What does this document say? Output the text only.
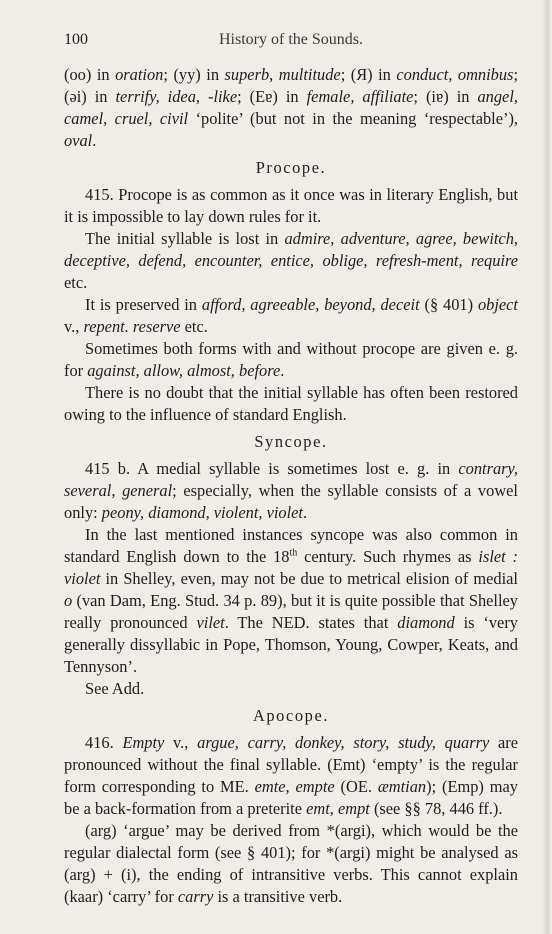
100	History of the Sounds.

(oo) in oration; (yy) in superb, multitude; (Я) in conduct, omnibus; (əi) in terrify, idea, -like; (Eɐ) in female, affiliate; (iɐ) in angel, camel, cruel, civil ‘polite’ (but not in the meaning ‘respectable’), oval.

Procope.

415. Procope is as common as it once was in literary English, but it is impossible to lay down rules for it.

The initial syllable is lost in admire, adventure, agree, bewitch, deceptive, defend, encounter, entice, oblige, refresh-ment, require etc.

It is preserved in afford, agreeable, beyond, deceit (§ 401) object v., repent. reserve etc.

Sometimes both forms with and without procope are given e. g. for against, allow, almost, before.

There is no doubt that the initial syllable has often been restored owing to the influence of standard English.

Syncope.

415 b. A medial syllable is sometimes lost e. g. in contrary, several, general; especially, when the syllable consists of a vowel only: peony, diamond, violent, violet.

In the last mentioned instances syncope was also common in standard English down to the 18th century. Such rhymes as islet : violet in Shelley, even, may not be due to metrical elision of medial o (van Dam, Eng. Stud. 34 p. 89), but it is quite possible that Shelley really pronounced vilet. The NED. states that diamond is ‘very generally dissyllabic in Pope, Thomson, Young, Cowper, Keats, and Tennyson’.

See Add.

Apocope.

416. Empty v., argue, carry, donkey, story, study, quarry are pronounced without the final syllable. (Emt) ‘empty’ is the regular form corresponding to ME. emte, empte (OE. æmtian); (Emp) may be a back-formation from a preterite emt, empt (see §§ 78, 446 ff.).

(arg) ‘argue’ may be derived from *(argi), which would be the regular dialectal form (see § 401); for *(argi) might be analysed as (arg) + (i), the ending of intransitive verbs. This cannot explain (kaar) ‘carry’ for carry is a transitive verb.
